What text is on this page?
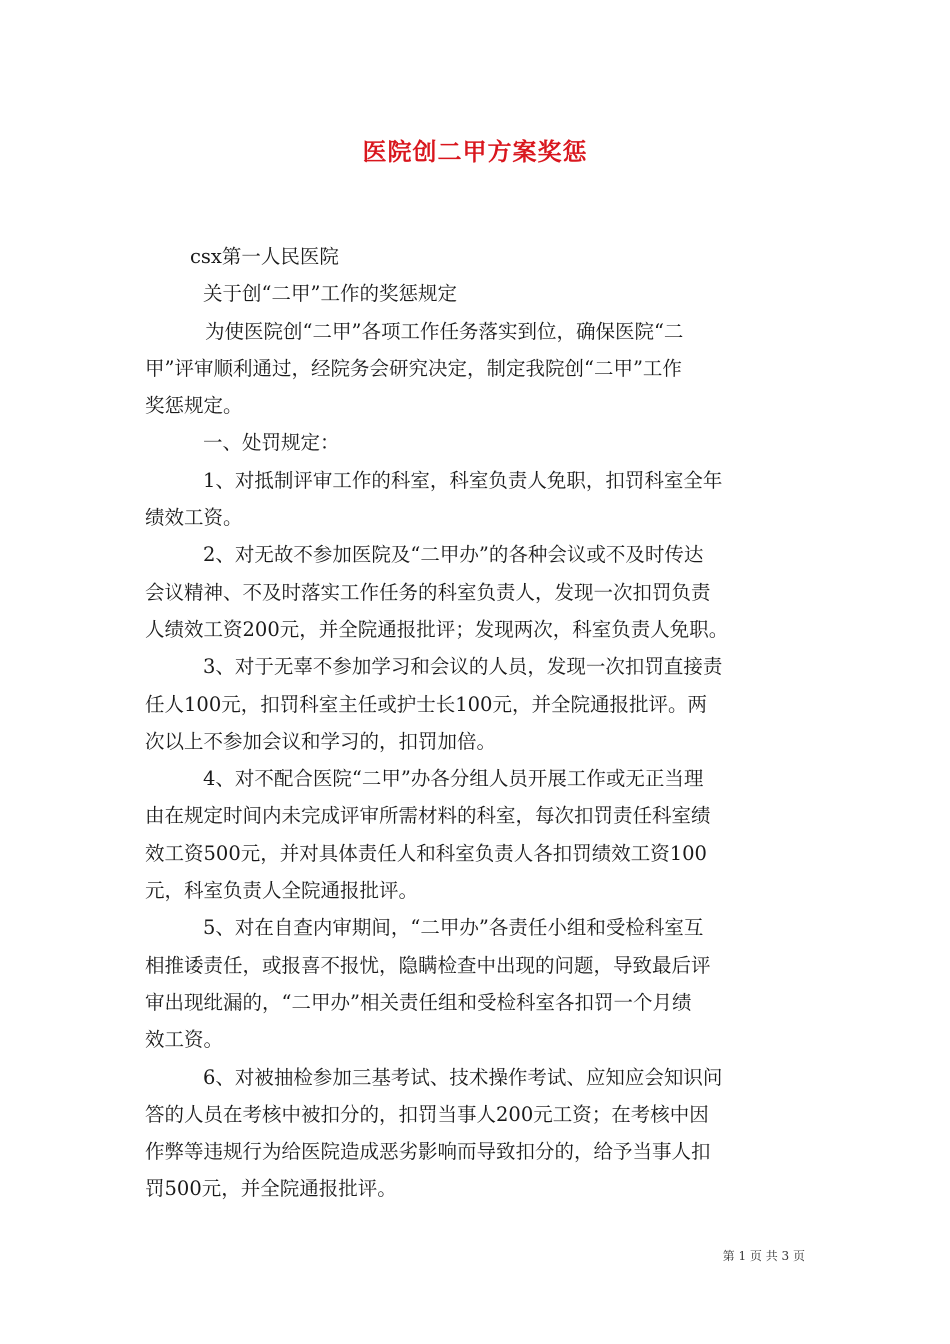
医院创二甲方案奖惩
csx第一人民医院
关于创“二甲”工作的奖惩规定
为使医院创“二甲”各项工作任务落实到位，确保医院“二
甲”评审顺利通过，经院务会研究决定，制定我院创“二甲”工作
奖惩规定。
一、处罚规定：
1、对抵制评审工作的科室，科室负责人免职，扣罚科室全年
绩效工资。
2、对无故不参加医院及“二甲办”的各种会议或不及时传达
会议精神、不及时落实工作任务的科室负责人，发现一次扣罚负责
人绩效工资200元，并全院通报批评；发现两次，科室负责人免职。
3、对于无辜不参加学习和会议的人员，发现一次扣罚直接责
任人100元，扣罚科室主任或护士长100元，并全院通报批评。两
次以上不参加会议和学习的，扣罚加倍。
4、对不配合医院“二甲”办各分组人员开展工作或无正当理
由在规定时间内未完成评审所需材料的科室，每次扣罚责任科室绩
效工资500元，并对具体责任人和科室负责人各扣罚绩效工资100
元，科室负责人全院通报批评。
5、对在自查内审期间，“二甲办”各责任小组和受检科室互
相推诿责任，或报喜不报忧，隐瞒检查中出现的问题，导致最后评
审出现纰漏的，“二甲办”相关责任组和受检科室各扣罚一个月绩
效工资。
6、对被抽检参加三基考试、技术操作考试、应知应会知识问
答的人员在考核中被扣分的，扣罚当事人200元工资；在考核中因
作弊等违规行为给医院造成恶劣影响而导致扣分的，给予当事人扣
罚500元，并全院通报批评。
第 1 页 共 3 页
